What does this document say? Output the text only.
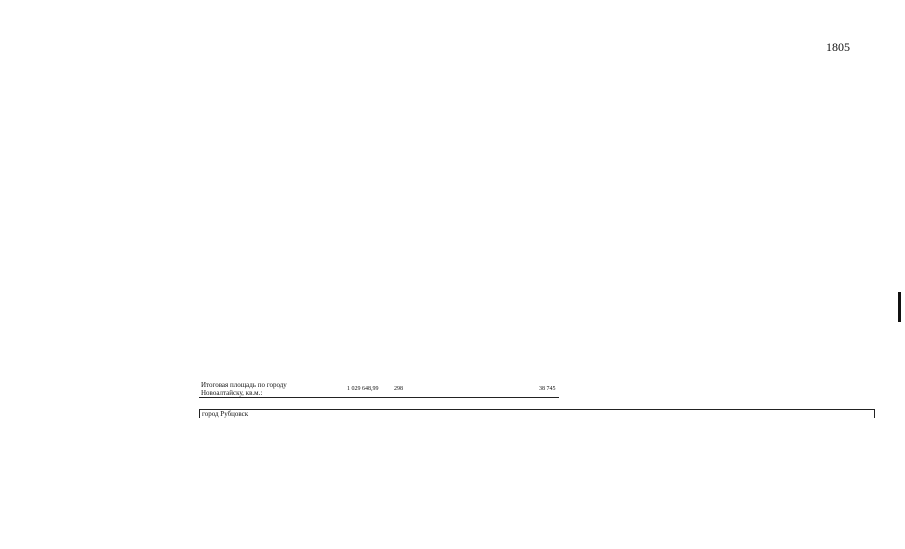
1805
Итоговая площадь по городу Новоалтайску, кв.м.:	1 029 648,99	298	38 745
город Рубцовск
